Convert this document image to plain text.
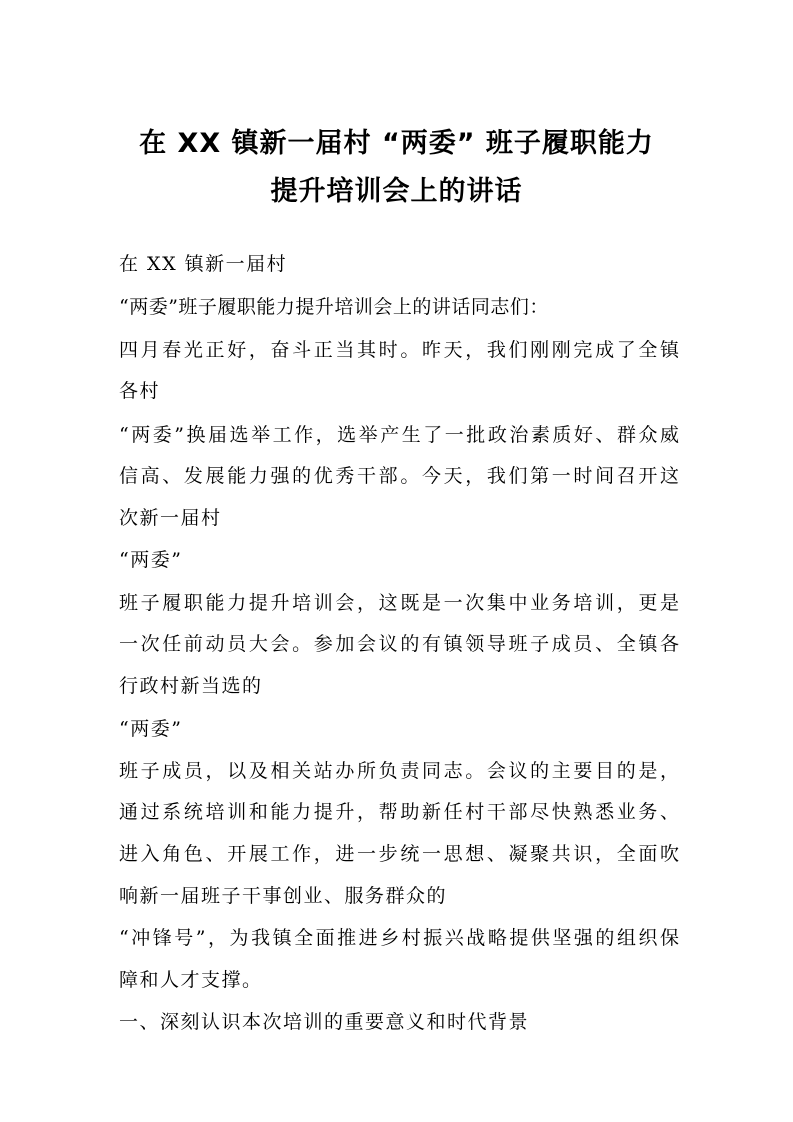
在 XX 镇新一届村 “两委” 班子履职能力
提升培训会上的讲话
在 XX 镇新一届村
“两委”班子履职能力提升培训会上的讲话同志们：
四月春光正好，奋斗正当其时。昨天，我们刚刚完成了全镇
各村
“两委”换届选举工作，选举产生了一批政治素质好、群众威
信高、发展能力强的优秀干部。今天，我们第一时间召开这
次新一届村
“两委”
班子履职能力提升培训会，这既是一次集中业务培训，更是
一次任前动员大会。参加会议的有镇领导班子成员、全镇各
行政村新当选的
“两委”
班子成员，以及相关站办所负责同志。会议的主要目的是，
通过系统培训和能力提升，帮助新任村干部尽快熟悉业务、
进入角色、开展工作，进一步统一思想、凝聚共识，全面吹
响新一届班子干事创业、服务群众的
“冲锋号”，为我镇全面推进乡村振兴战略提供坚强的组织保
障和人才支撑。
一、深刻认识本次培训的重要意义和时代背景
